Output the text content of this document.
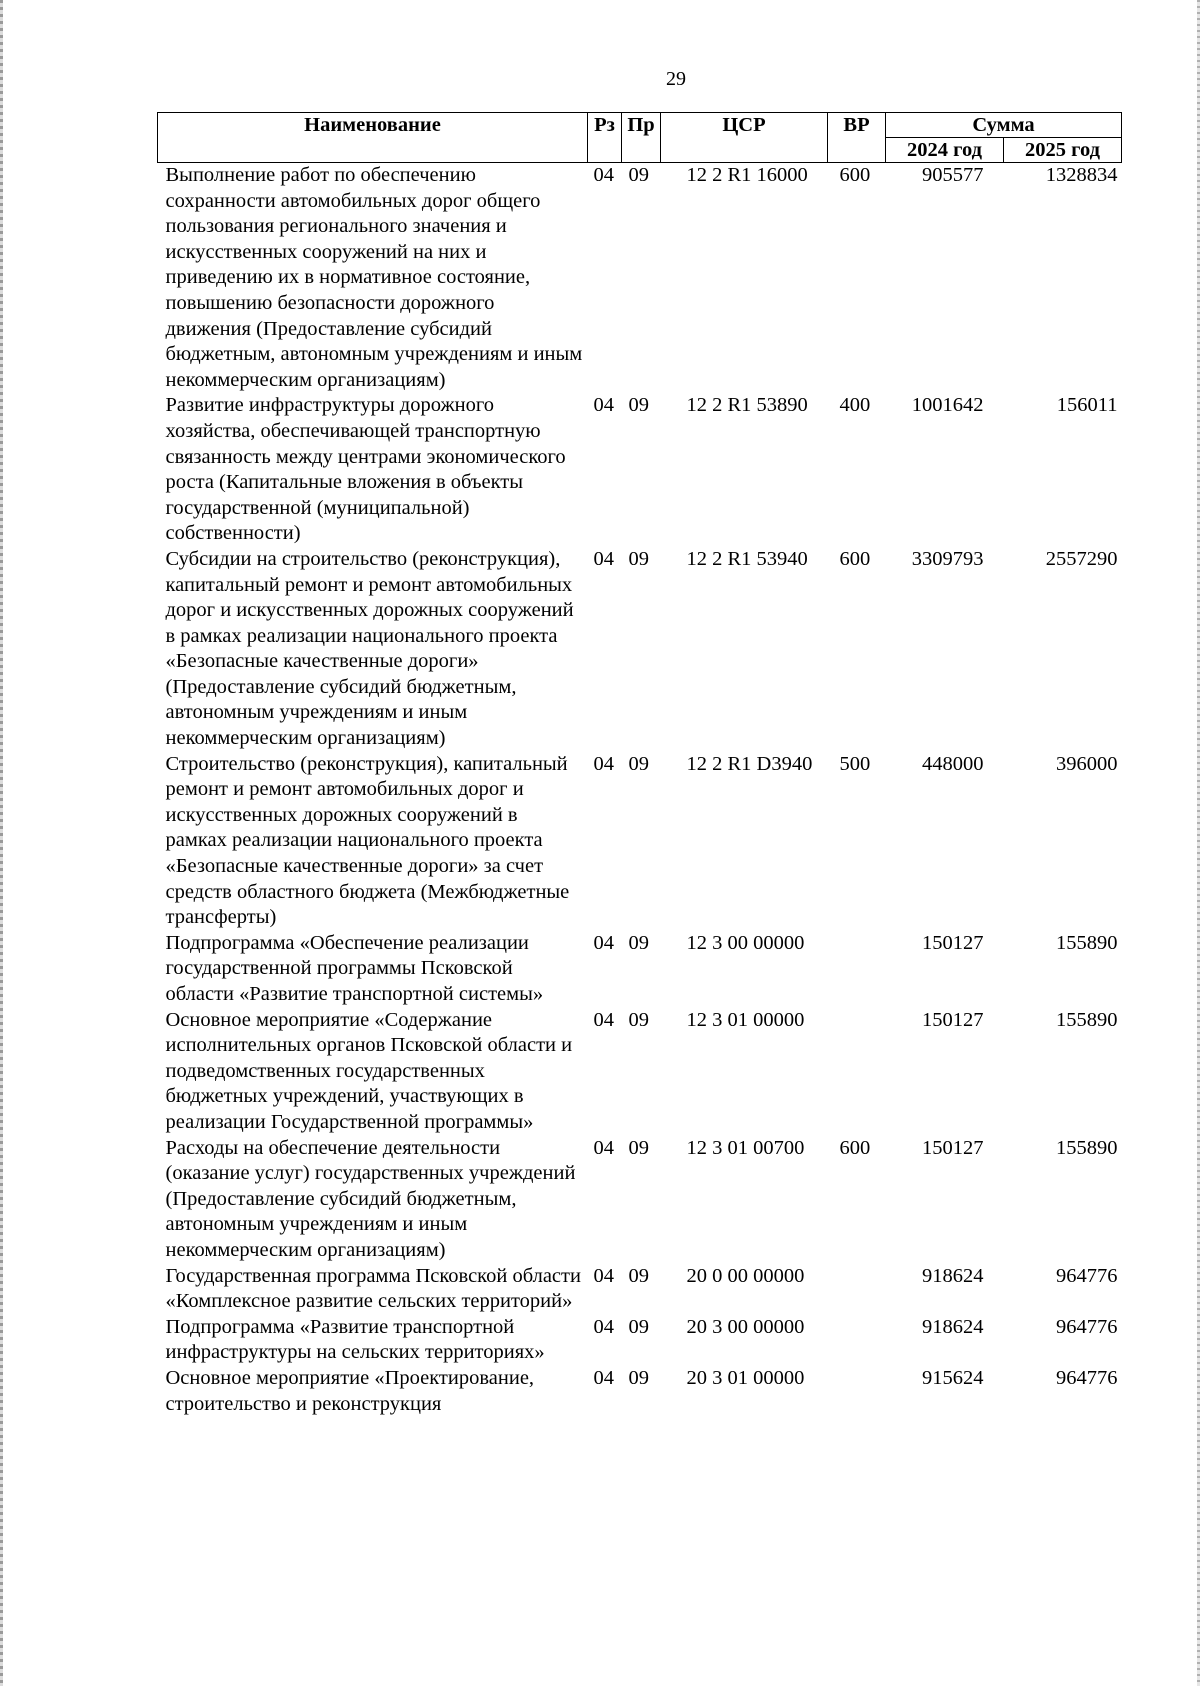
29
Наименование	Рз	Пр	ЦСР	ВР	Сумма	
					2024 год	2025 год
Выполнение работ по обеспечению сохранности автомобильных дорог общего пользования регионального значения и искусственных сооружений на них и приведению их в нормативное состояние, повышению безопасности дорожного движения (Предоставление субсидий бюджетным, автономным учреждениям и иным некоммерческим организациям)	04	09	12 2 R1 16000	600	905577	1328834
Развитие инфраструктуры дорожного хозяйства, обеспечивающей транспортную связанность между центрами экономического роста (Капитальные вложения в объекты государственной (муниципальной) собственности)	04	09	12 2 R1 53890	400	1001642	156011
Субсидии на строительство (реконструкция), капитальный ремонт и ремонт автомобильных дорог и искусственных дорожных сооружений в рамках реализации национального проекта «Безопасные качественные дороги» (Предоставление субсидий бюджетным, автономным учреждениям и иным некоммерческим организациям)	04	09	12 2 R1 53940	600	3309793	2557290
Строительство (реконструкция), капитальный ремонт и ремонт автомобильных дорог и искусственных дорожных сооружений в рамках реализации национального проекта «Безопасные качественные дороги» за счет средств областного бюджета (Межбюджетные трансферты)	04	09	12 2 R1 D3940	500	448000	396000
Подпрограмма «Обеспечение реализации государственной программы Псковской области «Развитие транспортной системы»	04	09	12 3 00 00000		150127	155890
Основное мероприятие «Содержание исполнительных органов Псковской области и подведомственных государственных бюджетных учреждений, участвующих в реализации Государственной программы»	04	09	12 3 01 00000		150127	155890
Расходы на обеспечение деятельности (оказание услуг) государственных учреждений (Предоставление субсидий бюджетным, автономным учреждениям и иным некоммерческим организациям)	04	09	12 3 01 00700	600	150127	155890
Государственная программа Псковской области «Комплексное развитие сельских территорий»	04	09	20 0 00 00000		918624	964776
Подпрограмма «Развитие транспортной инфраструктуры на сельских территориях»	04	09	20 3 00 00000		918624	964776
Основное мероприятие «Проектирование, строительство и реконструкция	04	09	20 3 01 00000		915624	964776
